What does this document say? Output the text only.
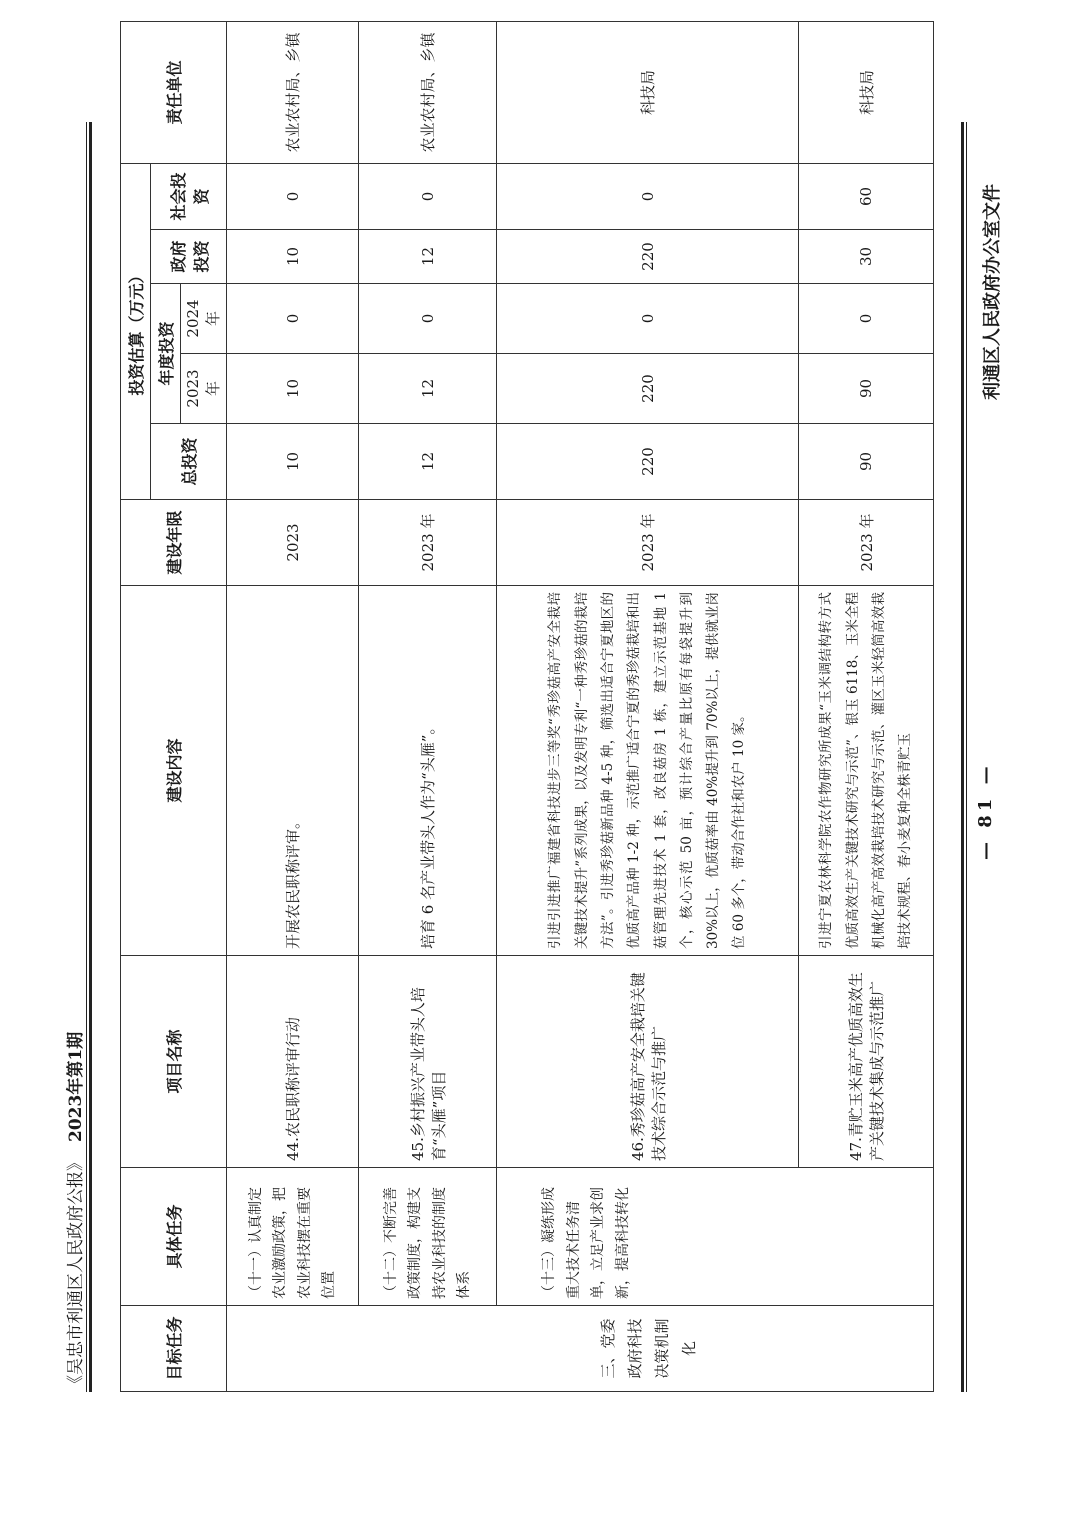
《吴忠市利通区人民政府公报》2023年第1期
利通区人民政府办公室文件
目标任务	具体任务	项目名称	建设内容	建设年限	投资估算（万元）					责任单位
					总投资	年度投资		政府投资	社会投资	
						2023 年	2024 年			
三、党委政府科技决策机制化	（十一）认真制定农业激励政策，把农业科技摆在重要位置	44.农民职称评审行动	开展农民职称评审。	2023	10	10	0	10	0	农业农村局、乡镇
	（十二）不断完善政策制度，构建支持农业科技的制度体系	45.乡村振兴产业带头人培育“头雁”项目	培育 6 名产业带头人作为“头雁”。	2023 年	12	12	0	12	0	农业农村局、乡镇
	（十三）凝练形成重大技术任务清单，立足产业求创新，提高科技转化	46.秀珍菇高产安全栽培关键技术综合示范与推广	引进引进推广福建省科技进步三等奖“秀珍菇高产安全栽培关键技术提升”系列成果，以及发明专利“一种秀珍菇的栽培方法”。引进秀珍菇新品种 4-5 种，筛选出适合宁夏地区的优质高产品种 1-2 种，示范推广适合宁夏的秀珍菇栽培和出菇管理先进技术 1 套，改良菇房 1 栋，建立示范基地 1 个，核心示范 50 亩，预计综合产量比原有每袋提升到 30%以上，优质菇率由 40%提升到 70%以上，提供就业岗位 60 多个，带动合作社和农户 10 家。	2023 年	220	220	0	220	0	科技局
		47.青贮玉米高产优质高效生产关键技术集成与示范推广	引进宁夏农林科学院农作物研究所成果“玉米调结构转方式优质高效生产关键技术研究与示范”、银玉 6118、玉米全程机械化高产高效栽培技术研究与示范、灌区玉米轻简高效栽培技术规程、春小麦复种全株青贮玉	2023 年	90	90	0	30	60	科技局
— 81 —
